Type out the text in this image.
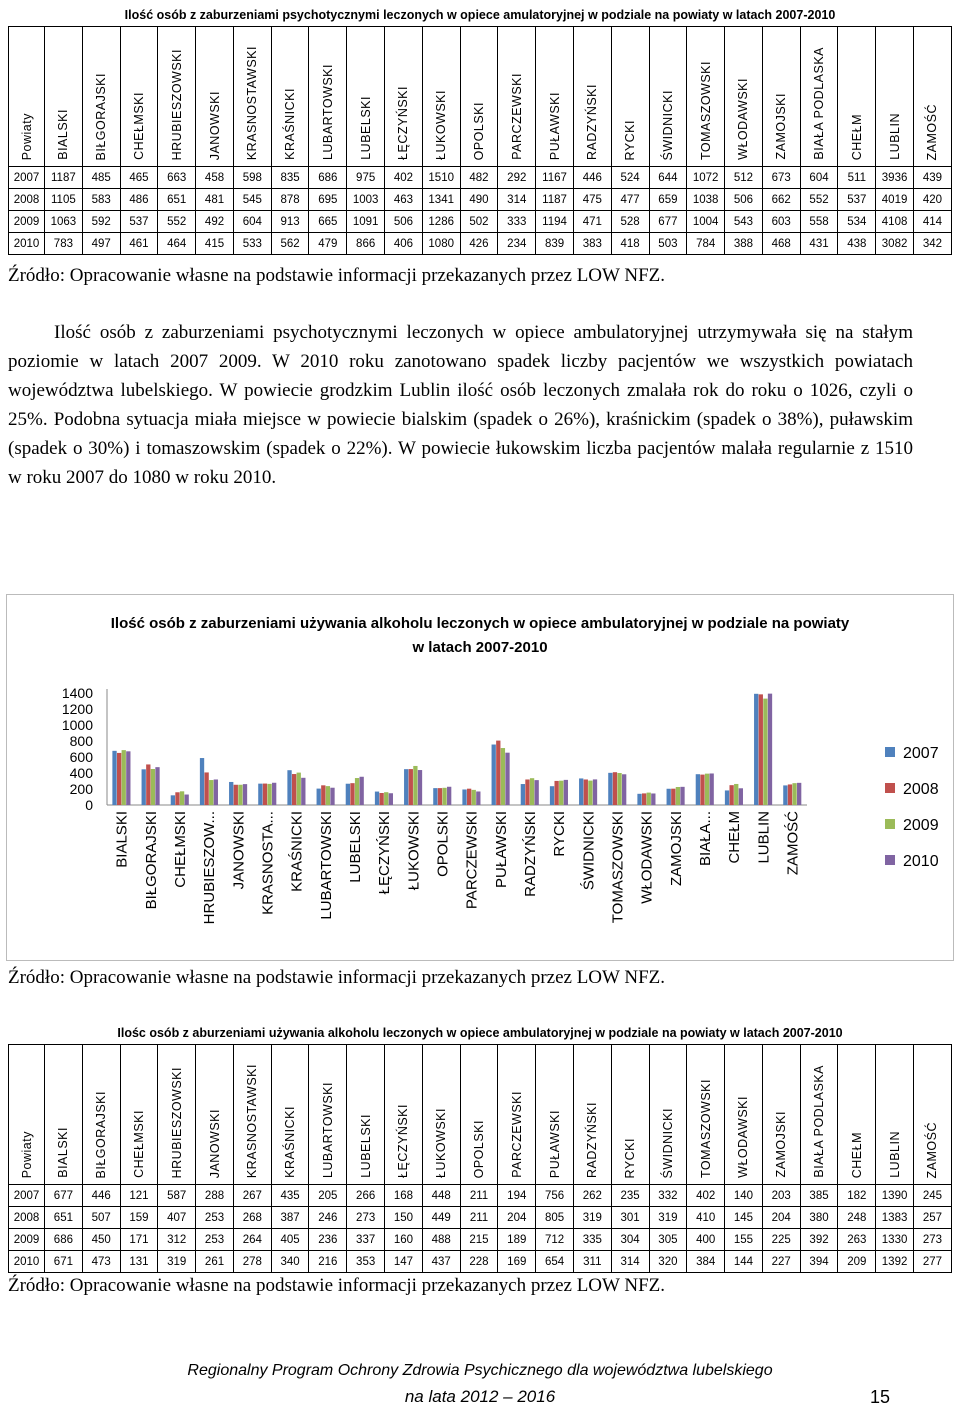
Ilość osób z zaburzeniami psychotycznymi leczonych w opiece amulatoryjnej w podziale na powiaty w latach 2007-2010																								
Powiaty	BIALSKI	BIŁGORAJSKI	CHEŁMSKI	HRUBIESZOWSKI	JANOWSKI	KRASNOSTAWSKI	KRAŚNICKI	LUBARTOWSKI	LUBELSKI	ŁĘCZYŃSKI	ŁUKOWSKI	OPOLSKI	PARCZEWSKI	PUŁAWSKI	RADZYŃSKI	RYCKI	ŚWIDNICKI	TOMASZOWSKI	WŁODAWSKI	ZAMOJSKI	BIAŁA PODLASKA	CHEŁM	LUBLIN	ZAMOŚĆ
2007	1187	485	465	663	458	598	835	686	975	402	1510	482	292	1167	446	524	644	1072	512	673	604	511	3936	439
2008	1105	583	486	651	481	545	878	695	1003	463	1341	490	314	1187	475	477	659	1038	506	662	552	537	4019	420
2009	1063	592	537	552	492	604	913	665	1091	506	1286	502	333	1194	471	528	677	1004	543	603	558	534	4108	414
2010	783	497	461	464	415	533	562	479	866	406	1080	426	234	839	383	418	503	784	388	468	431	438	3082	342
Źródło: Opracowanie własne na podstawie informacji przekazanych przez LOW NFZ.

Ilość osób z zaburzeniami psychotycznymi leczonych w opiece ambulatoryjnej utrzymywała się na stałym poziomie w latach 2007 2009. W 2010 roku zanotowano spadek liczby pacjentów we wszystkich powiatach województwa lubelskiego. W powiecie grodzkim Lublin ilość osób leczonych zmalała rok do roku o 1026, czyli o 25%. Podobna sytuacja miała miejsce w powiecie bialskim (spadek o 26%), kraśnickim (spadek o 38%), puławskim (spadek o 30%) i tomaszowskim (spadek o 22%). W powiecie łukowskim liczba pacjentów malała regularnie z 1510 w roku 2007 do 1080 w roku 2010.

Ilość osób z zaburzeniami używania alkoholu leczonych w opiece ambulatoryjnej w podziale na powiaty w latach 2007-2010
1400
1200
1000
800
600
400
200
0
BIALSKI BIŁGORAJSKI CHEŁMSKI HRUBIESZOW... JANOWSKI KRASNOSTA... KRAŚNICKI LUBARTOWSKI LUBELSKI ŁĘCZYŃSKI ŁUKOWSKI OPOLSKI PARCZEWSKI PUŁAWSKI RADZYŃSKI RYCKI ŚWIDNICKI TOMASZOWSKI WŁODAWSKI ZAMOJSKI BIAŁA... CHEŁM LUBLIN ZAMOŚĆ
2007
2008
2009
2010
Źródło: Opracowanie własne na podstawie informacji przekazanych przez LOW NFZ.
Ilośc osób z aburzeniami używania alkoholu leczonych w opiece ambulatoryjnej w podziale na powiaty w latach 2007-2010																								
Powiaty	BIALSKI	BIŁGORAJSKI	CHEŁMSKI	HRUBIESZOWSKI	JANOWSKI	KRASNOSTAWSKI	KRAŚNICKI	LUBARTOWSKI	LUBELSKI	ŁĘCZYŃSKI	ŁUKOWSKI	OPOLSKI	PARCZEWSKI	PUŁAWSKI	RADZYŃSKI	RYCKI	ŚWIDNICKI	TOMASZOWSKI	WŁODAWSKI	ZAMOJSKI	BIAŁA PODLASKA	CHEŁM	LUBLIN	ZAMOŚĆ
2007	677	446	121	587	288	267	435	205	266	168	448	211	194	756	262	235	332	402	140	203	385	182	1390	245
2008	651	507	159	407	253	268	387	246	273	150	449	211	204	805	319	301	319	410	145	204	380	248	1383	257
2009	686	450	171	312	253	264	405	236	337	160	488	215	189	712	335	304	305	400	155	225	392	263	1330	273
2010	671	473	131	319	261	278	340	216	353	147	437	228	169	654	311	314	320	384	144	227	394	209	1392	277
Źródło: Opracowanie własne na podstawie informacji przekazanych przez LOW NFZ.
Regionalny Program Ochrony Zdrowia Psychicznego dla województwa lubelskiego
na lata 2012 – 2016	15
